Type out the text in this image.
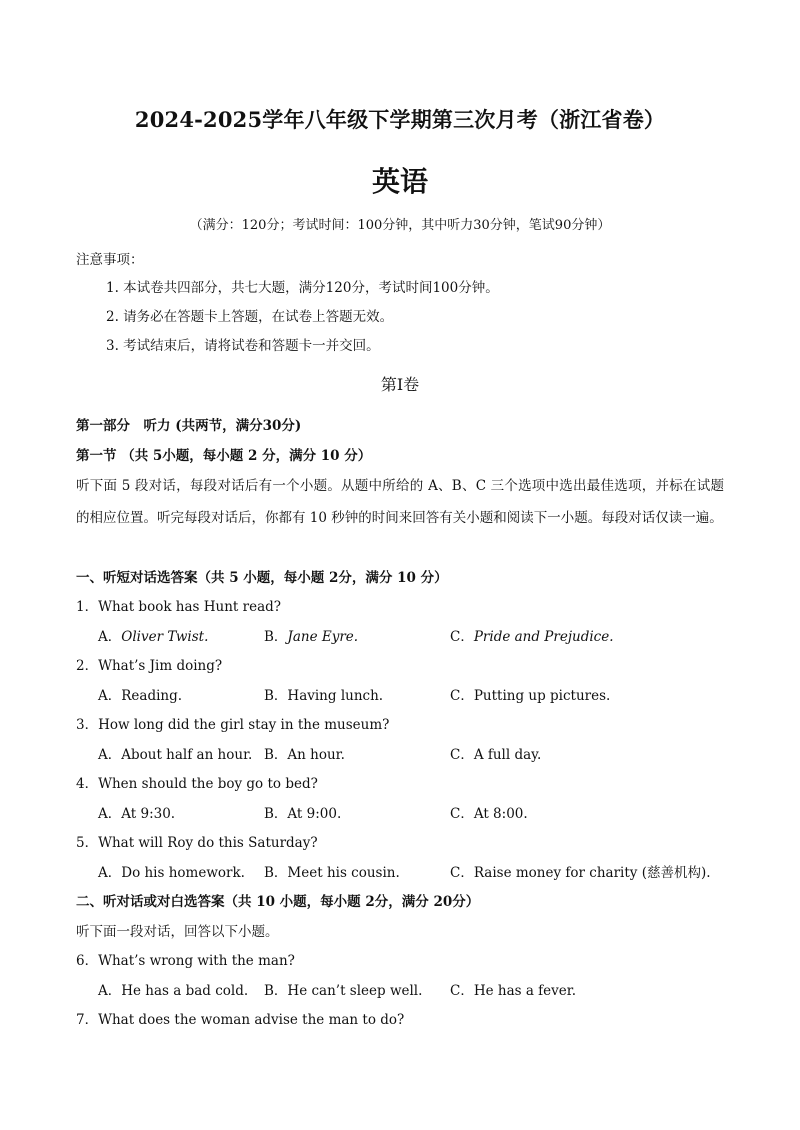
2024-2025学年八年级下学期第三次月考（浙江省卷）
英语
（满分：120分；考试时间：100分钟，其中听力30分钟，笔试90分钟）
注意事项：
1. 本试卷共四部分，共七大题，满分120分，考试时间100分钟。
2. 请务必在答题卡上答题，在试卷上答题无效。
3. 考试结束后，请将试卷和答题卡一并交回。
第I卷
第一部分　听力 (共两节，满分30分)
第一节 （共 5小题，每小题 2 分，满分 10 分）
听下面 5 段对话，每段对话后有一个小题。从题中所给的 A、B、C 三个选项中选出最佳选项，并标在试题的相应位置。听完每段对话后，你都有 10 秒钟的时间来回答有关小题和阅读下一小题。每段对话仅读一遍。
一、听短对话选答案（共 5 小题，每小题 2分，满分 10 分）
1．What book has Hunt read?
A．Oliver Twist.	B．Jane Eyre.	C．Pride and Prejudice.
2．What’s Jim doing?
A．Reading.	B．Having lunch.	C．Putting up pictures.
3．How long did the girl stay in the museum?
A．About half an hour. B．An hour.	C．A full day.
4．When should the boy go to bed?
A．At 9:30.	B．At 9:00.	C．At 8:00.
5．What will Roy do this Saturday?
A．Do his homework. B．Meet his cousin.	C．Raise money for charity (慈善机构).
二、听对话或对白选答案（共 10 小题，每小题 2分，满分 20分）
听下面一段对话，回答以下小题。
6．What’s wrong with the man?
A．He has a bad cold. B．He can’t sleep well. C．He has a fever.
7．What does the woman advise the man to do?
